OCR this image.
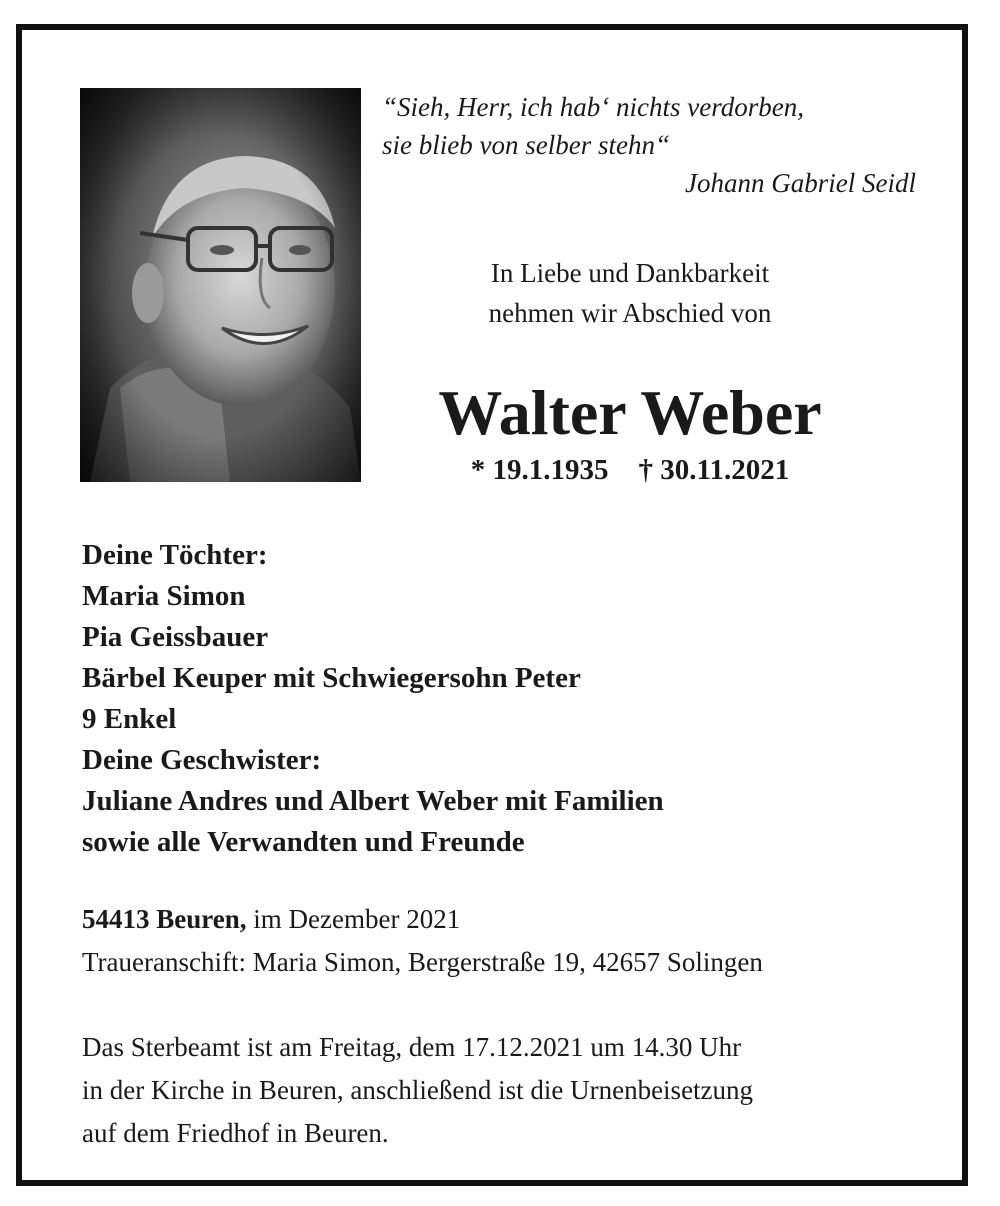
“Sieh, Herr, ich hab‘ nichts verdorben,
sie blieb von selber stehn“
Johann Gabriel Seidl
In Liebe und Dankbarkeit
nehmen wir Abschied von
Walter Weber
* 19.1.1935 † 30.11.2021
Deine Töchter:
Maria Simon
Pia Geissbauer
Bärbel Keuper mit Schwiegersohn Peter
9 Enkel
Deine Geschwister:
Juliane Andres und Albert Weber mit Familien
sowie alle Verwandten und Freunde
54413 Beuren, im Dezember 2021
Traueranschift: Maria Simon, Bergerstraße 19, 42657 Solingen
Das Sterbeamt ist am Freitag, dem 17.12.2021 um 14.30 Uhr
in der Kirche in Beuren, anschließend ist die Urnenbeisetzung
auf dem Friedhof in Beuren.
